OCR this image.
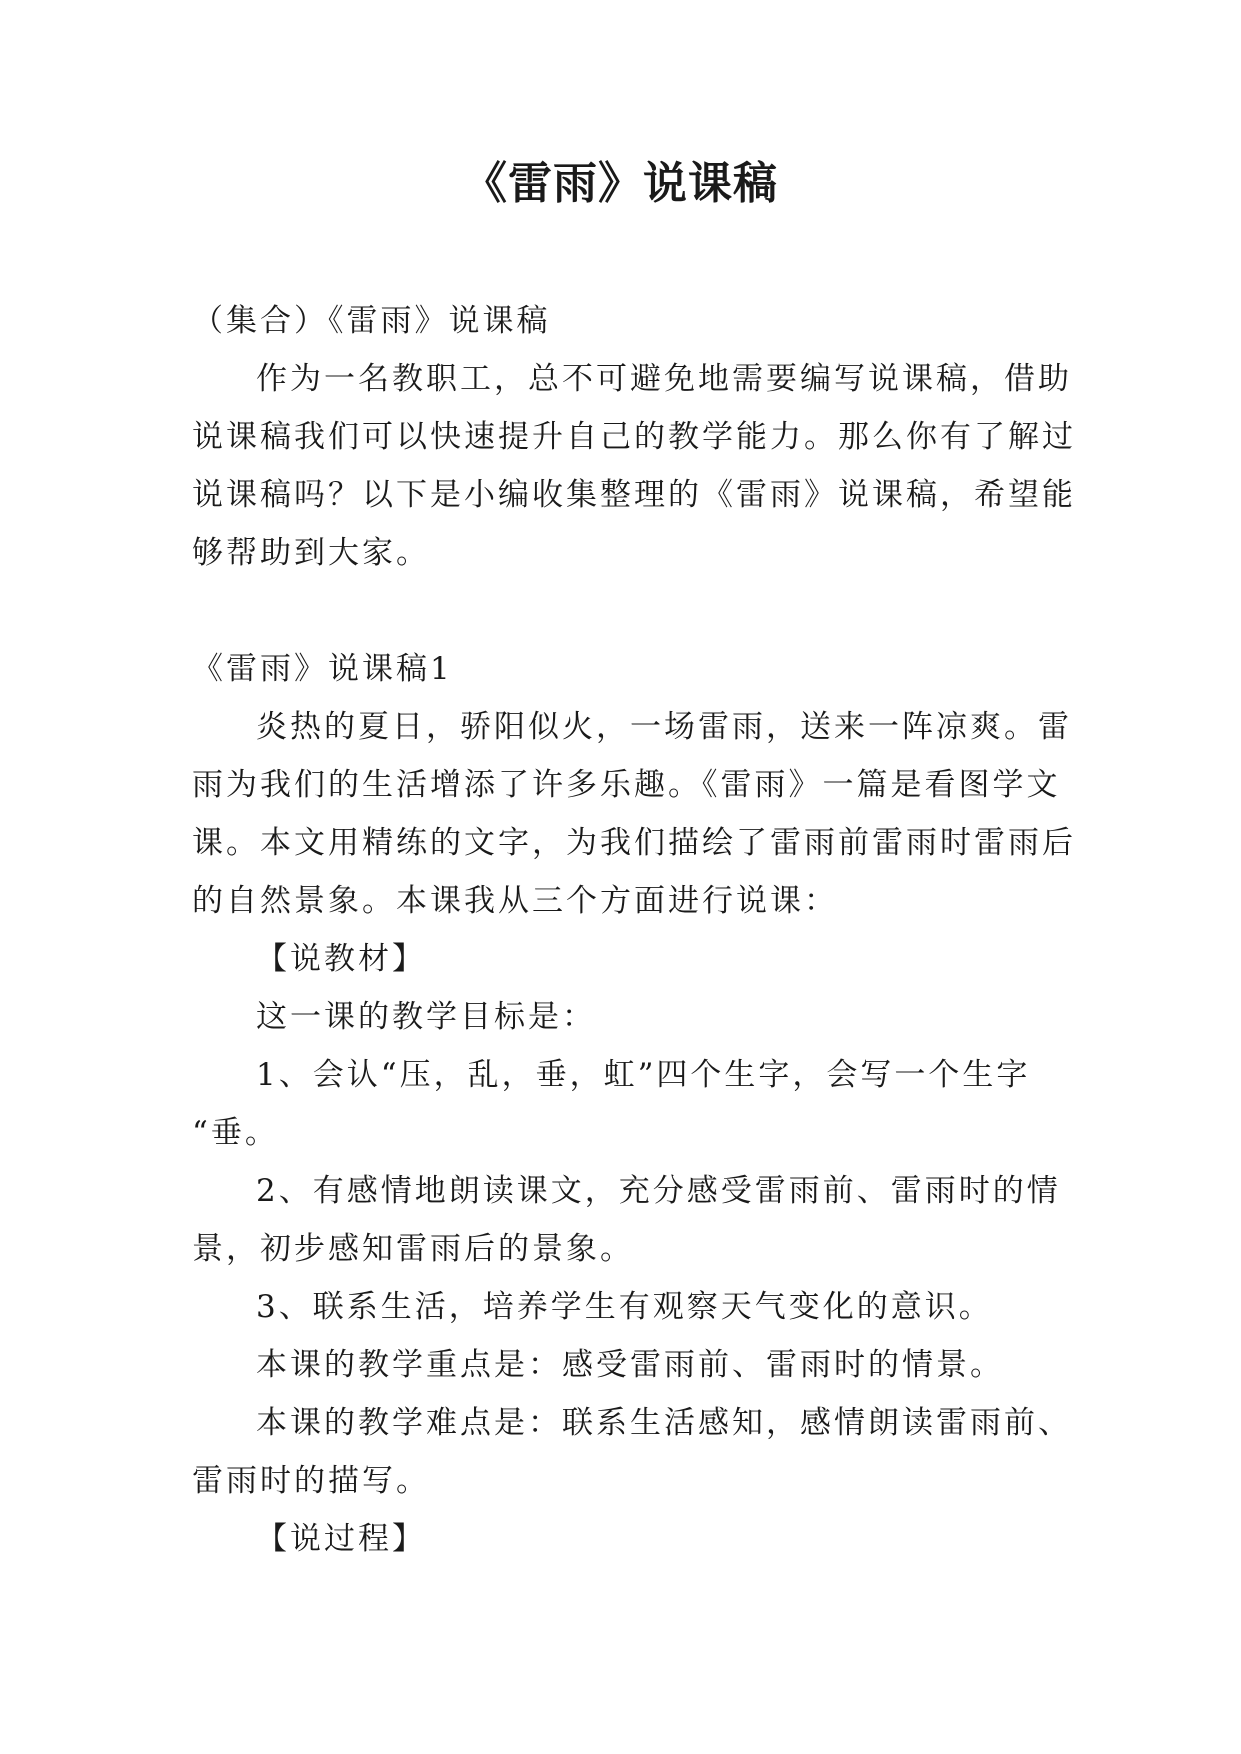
《雷雨》说课稿
（集合）《雷雨》说课稿
作为一名教职工，总不可避免地需要编写说课稿，借助
说课稿我们可以快速提升自己的教学能力。那么你有了解过
说课稿吗？以下是小编收集整理的《雷雨》说课稿，希望能
够帮助到大家。
《雷雨》说课稿1
炎热的夏日，骄阳似火，一场雷雨，送来一阵凉爽。雷
雨为我们的生活增添了许多乐趣。《雷雨》一篇是看图学文
课。本文用精练的文字，为我们描绘了雷雨前雷雨时雷雨后
的自然景象。本课我从三个方面进行说课：
【说教材】
这一课的教学目标是：
1、会认“压，乱，垂，虹”四个生字，会写一个生字
“垂。
2、有感情地朗读课文，充分感受雷雨前、雷雨时的情
景，初步感知雷雨后的景象。
3、联系生活，培养学生有观察天气变化的意识。
本课的教学重点是：感受雷雨前、雷雨时的情景。
本课的教学难点是：联系生活感知，感情朗读雷雨前、
雷雨时的描写。
【说过程】
